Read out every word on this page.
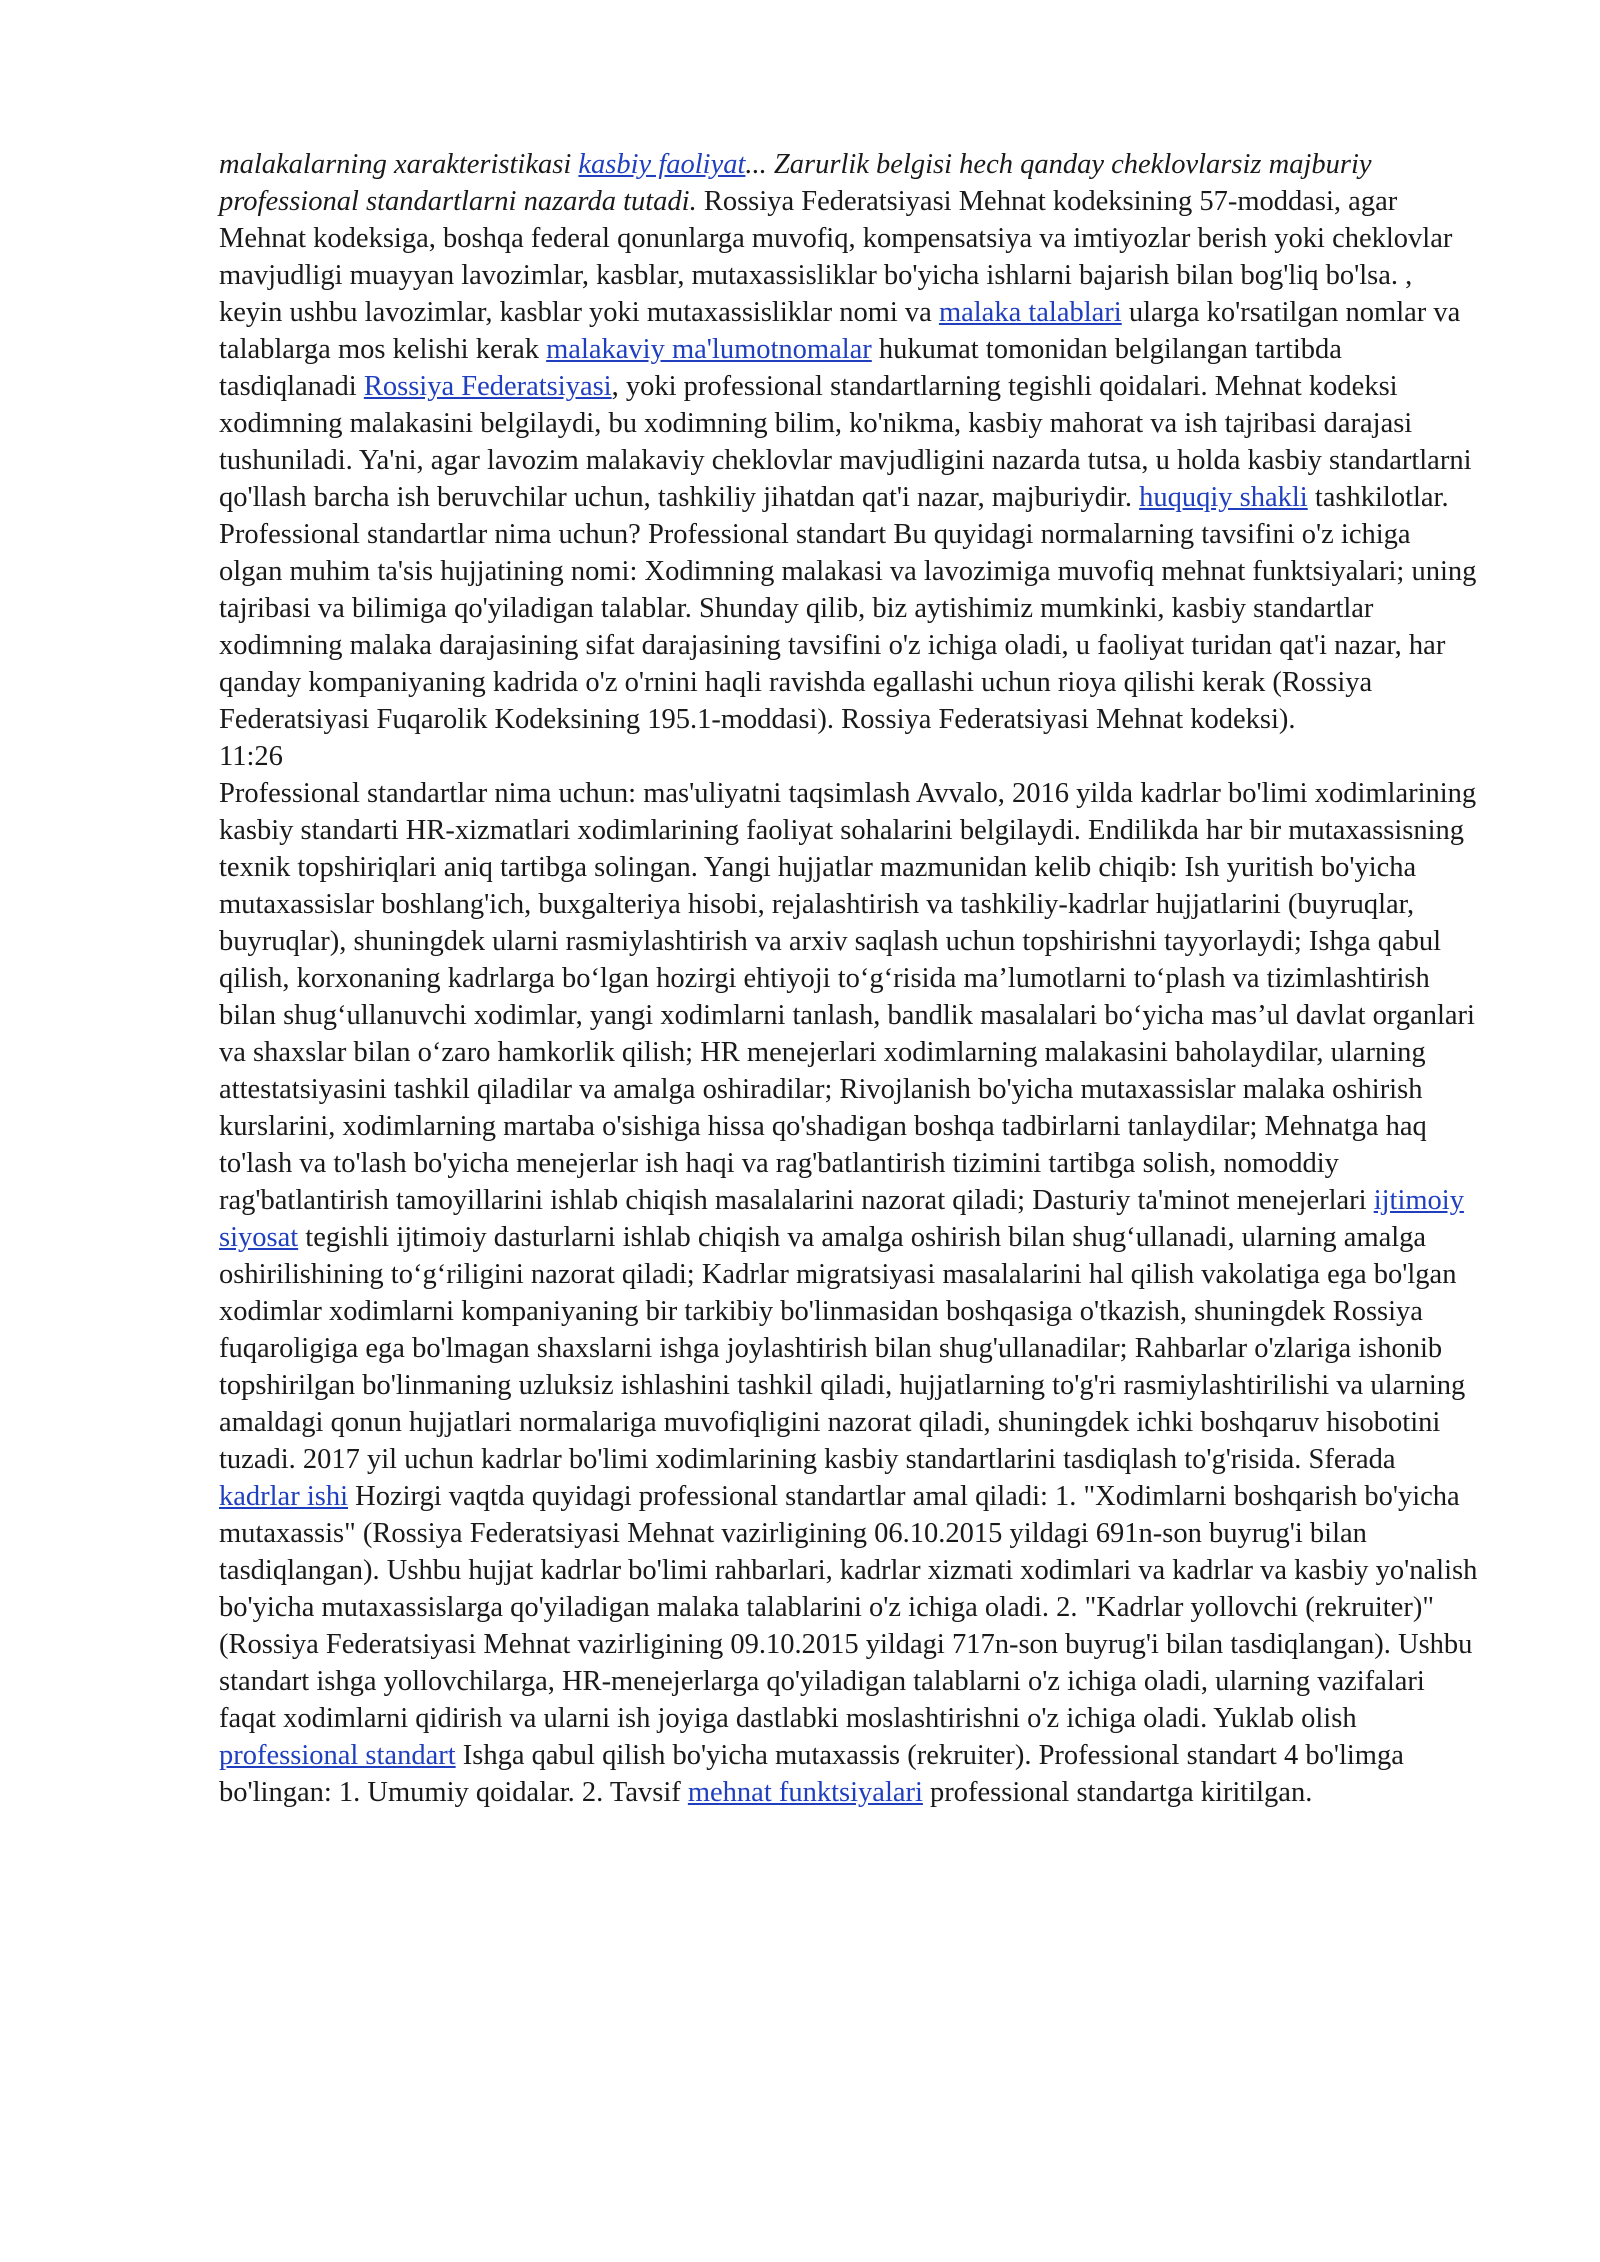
malakalarning xarakteristikasi kasbiy faoliyat... Zarurlik belgisi hech qanday cheklovlarsiz majburiy professional standartlarni nazarda tutadi. Rossiya Federatsiyasi Mehnat kodeksining 57-moddasi, agar Mehnat kodeksiga, boshqa federal qonunlarga muvofiq, kompensatsiya va imtiyozlar berish yoki cheklovlar mavjudligi muayyan lavozimlar, kasblar, mutaxassisliklar bo'yicha ishlarni bajarish bilan bog'liq bo'lsa. , keyin ushbu lavozimlar, kasblar yoki mutaxassisliklar nomi va malaka talablari ularga ko'rsatilgan nomlar va talablarga mos kelishi kerak malakaviy ma'lumotnomalar hukumat tomonidan belgilangan tartibda tasdiqlanadi Rossiya Federatsiyasi, yoki professional standartlarning tegishli qoidalari. Mehnat kodeksi xodimning malakasini belgilaydi, bu xodimning bilim, ko'nikma, kasbiy mahorat va ish tajribasi darajasi tushuniladi. Ya'ni, agar lavozim malakaviy cheklovlar mavjudligini nazarda tutsa, u holda kasbiy standartlarni qo'llash barcha ish beruvchilar uchun, tashkiliy jihatdan qat'i nazar, majburiydir. huquqiy shakli tashkilotlar. Professional standartlar nima uchun? Professional standart Bu quyidagi normalarning tavsifini o'z ichiga olgan muhim ta'sis hujjatining nomi: Xodimning malakasi va lavozimiga muvofiq mehnat funktsiyalari; uning tajribasi va bilimiga qo'yiladigan talablar. Shunday qilib, biz aytishimiz mumkinki, kasbiy standartlar xodimning malaka darajasining sifat darajasining tavsifini o'z ichiga oladi, u faoliyat turidan qat'i nazar, har qanday kompaniyaning kadrida o'z o'rnini haqli ravishda egallashi uchun rioya qilishi kerak (Rossiya Federatsiyasi Fuqarolik Kodeksining 195.1-moddasi). Rossiya Federatsiyasi Mehnat kodeksi).

11:26

Professional standartlar nima uchun: mas'uliyatni taqsimlash Avvalo, 2016 yilda kadrlar bo'limi xodimlarining kasbiy standarti HR-xizmatlari xodimlarining faoliyat sohalarini belgilaydi. Endilikda har bir mutaxassisning texnik topshiriqlari aniq tartibga solingan. Yangi hujjatlar mazmunidan kelib chiqib: Ish yuritish bo'yicha mutaxassislar boshlang'ich, buxgalteriya hisobi, rejalashtirish va tashkiliy-kadrlar hujjatlarini (buyruqlar, buyruqlar), shuningdek ularni rasmiylashtirish va arxiv saqlash uchun topshirishni tayyorlaydi; Ishga qabul qilish, korxonaning kadrlarga boʻlgan hozirgi ehtiyoji toʻgʻrisida maʼlumotlarni toʻplash va tizimlashtirish bilan shugʻullanuvchi xodimlar, yangi xodimlarni tanlash, bandlik masalalari boʻyicha masʼul davlat organlari va shaxslar bilan oʻzaro hamkorlik qilish; HR menejerlari xodimlarning malakasini baholaydilar, ularning attestatsiyasini tashkil qiladilar va amalga oshiradilar; Rivojlanish bo'yicha mutaxassislar malaka oshirish kurslarini, xodimlarning martaba o'sishiga hissa qo'shadigan boshqa tadbirlarni tanlaydilar; Mehnatga haq to'lash va to'lash bo'yicha menejerlar ish haqi va rag'batlantirish tizimini tartibga solish, nomoddiy rag'batlantirish tamoyillarini ishlab chiqish masalalarini nazorat qiladi; Dasturiy ta'minot menejerlari ijtimoiy siyosat tegishli ijtimoiy dasturlarni ishlab chiqish va amalga oshirish bilan shugʻullanadi, ularning amalga oshirilishining toʻgʻriligini nazorat qiladi; Kadrlar migratsiyasi masalalarini hal qilish vakolatiga ega bo'lgan xodimlar xodimlarni kompaniyaning bir tarkibiy bo'linmasidan boshqasiga o'tkazish, shuningdek Rossiya fuqaroligiga ega bo'lmagan shaxslarni ishga joylashtirish bilan shug'ullanadilar; Rahbarlar o'zlariga ishonib topshirilgan bo'linmaning uzluksiz ishlashini tashkil qiladi, hujjatlarning to'g'ri rasmiylashtirilishi va ularning amaldagi qonun hujjatlari normalariga muvofiqligini nazorat qiladi, shuningdek ichki boshqaruv hisobotini tuzadi. 2017 yil uchun kadrlar bo'limi xodimlarining kasbiy standartlarini tasdiqlash to'g'risida. Sferada kadrlar ishi Hozirgi vaqtda quyidagi professional standartlar amal qiladi: 1. "Xodimlarni boshqarish bo'yicha mutaxassis" (Rossiya Federatsiyasi Mehnat vazirligining 06.10.2015 yildagi 691n-son buyrug'i bilan tasdiqlangan). Ushbu hujjat kadrlar bo'limi rahbarlari, kadrlar xizmati xodimlari va kadrlar va kasbiy yo'nalish bo'yicha mutaxassislarga qo'yiladigan malaka talablarini o'z ichiga oladi. 2. "Kadrlar yollovchi (rekruiter)" (Rossiya Federatsiyasi Mehnat vazirligining 09.10.2015 yildagi 717n-son buyrug'i bilan tasdiqlangan). Ushbu standart ishga yollovchilarga, HR-menejerlarga qo'yiladigan talablarni o'z ichiga oladi, ularning vazifalari faqat xodimlarni qidirish va ularni ish joyiga dastlabki moslashtirishni o'z ichiga oladi. Yuklab olish professional standart Ishga qabul qilish bo'yicha mutaxassis (rekruiter). Professional standart 4 bo'limga bo'lingan: 1. Umumiy qoidalar. 2. Tavsif mehnat funktsiyalari professional standartga kiritilgan.
